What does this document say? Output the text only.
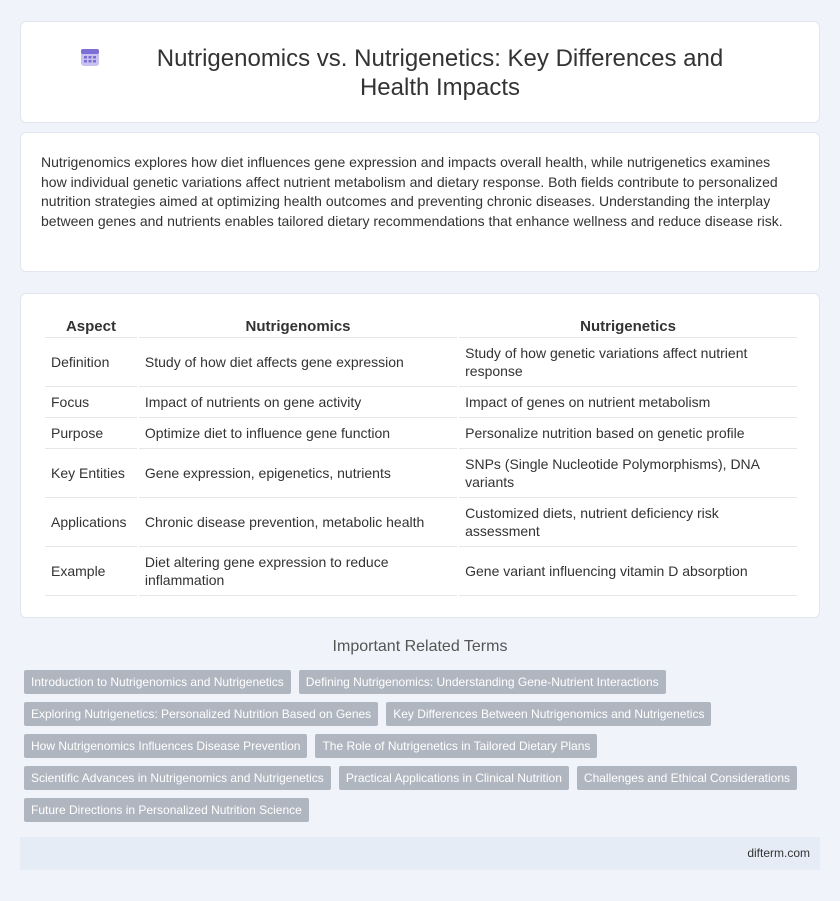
Nutrigenomics vs. Nutrigenetics: Key Differences and Health Impacts

Nutrigenomics explores how diet influences gene expression and impacts overall health, while nutrigenetics examines how individual genetic variations affect nutrient metabolism and dietary response. Both fields contribute to personalized nutrition strategies aimed at optimizing health outcomes and preventing chronic diseases. Understanding the interplay between genes and nutrients enables tailored dietary recommendations that enhance wellness and reduce disease risk.

Aspect	Nutrigenomics	Nutrigenetics
Definition	Study of how diet affects gene expression	Study of how genetic variations affect nutrient response
Focus	Impact of nutrients on gene activity	Impact of genes on nutrient metabolism
Purpose	Optimize diet to influence gene function	Personalize nutrition based on genetic profile
Key Entities	Gene expression, epigenetics, nutrients	SNPs (Single Nucleotide Polymorphisms), DNA variants
Applications	Chronic disease prevention, metabolic health	Customized diets, nutrient deficiency risk assessment
Example	Diet altering gene expression to reduce inflammation	Gene variant influencing vitamin D absorption
Important Related Terms
Introduction to Nutrigenomics and Nutrigenetics	Defining Nutrigenomics: Understanding Gene-Nutrient Interactions
Exploring Nutrigenetics: Personalized Nutrition Based on Genes	Key Differences Between Nutrigenomics and Nutrigenetics
How Nutrigenomics Influences Disease Prevention	The Role of Nutrigenetics in Tailored Dietary Plans
Scientific Advances in Nutrigenomics and Nutrigenetics	Practical Applications in Clinical Nutrition	Challenges and Ethical Considerations
Future Directions in Personalized Nutrition Science
difterm.com
